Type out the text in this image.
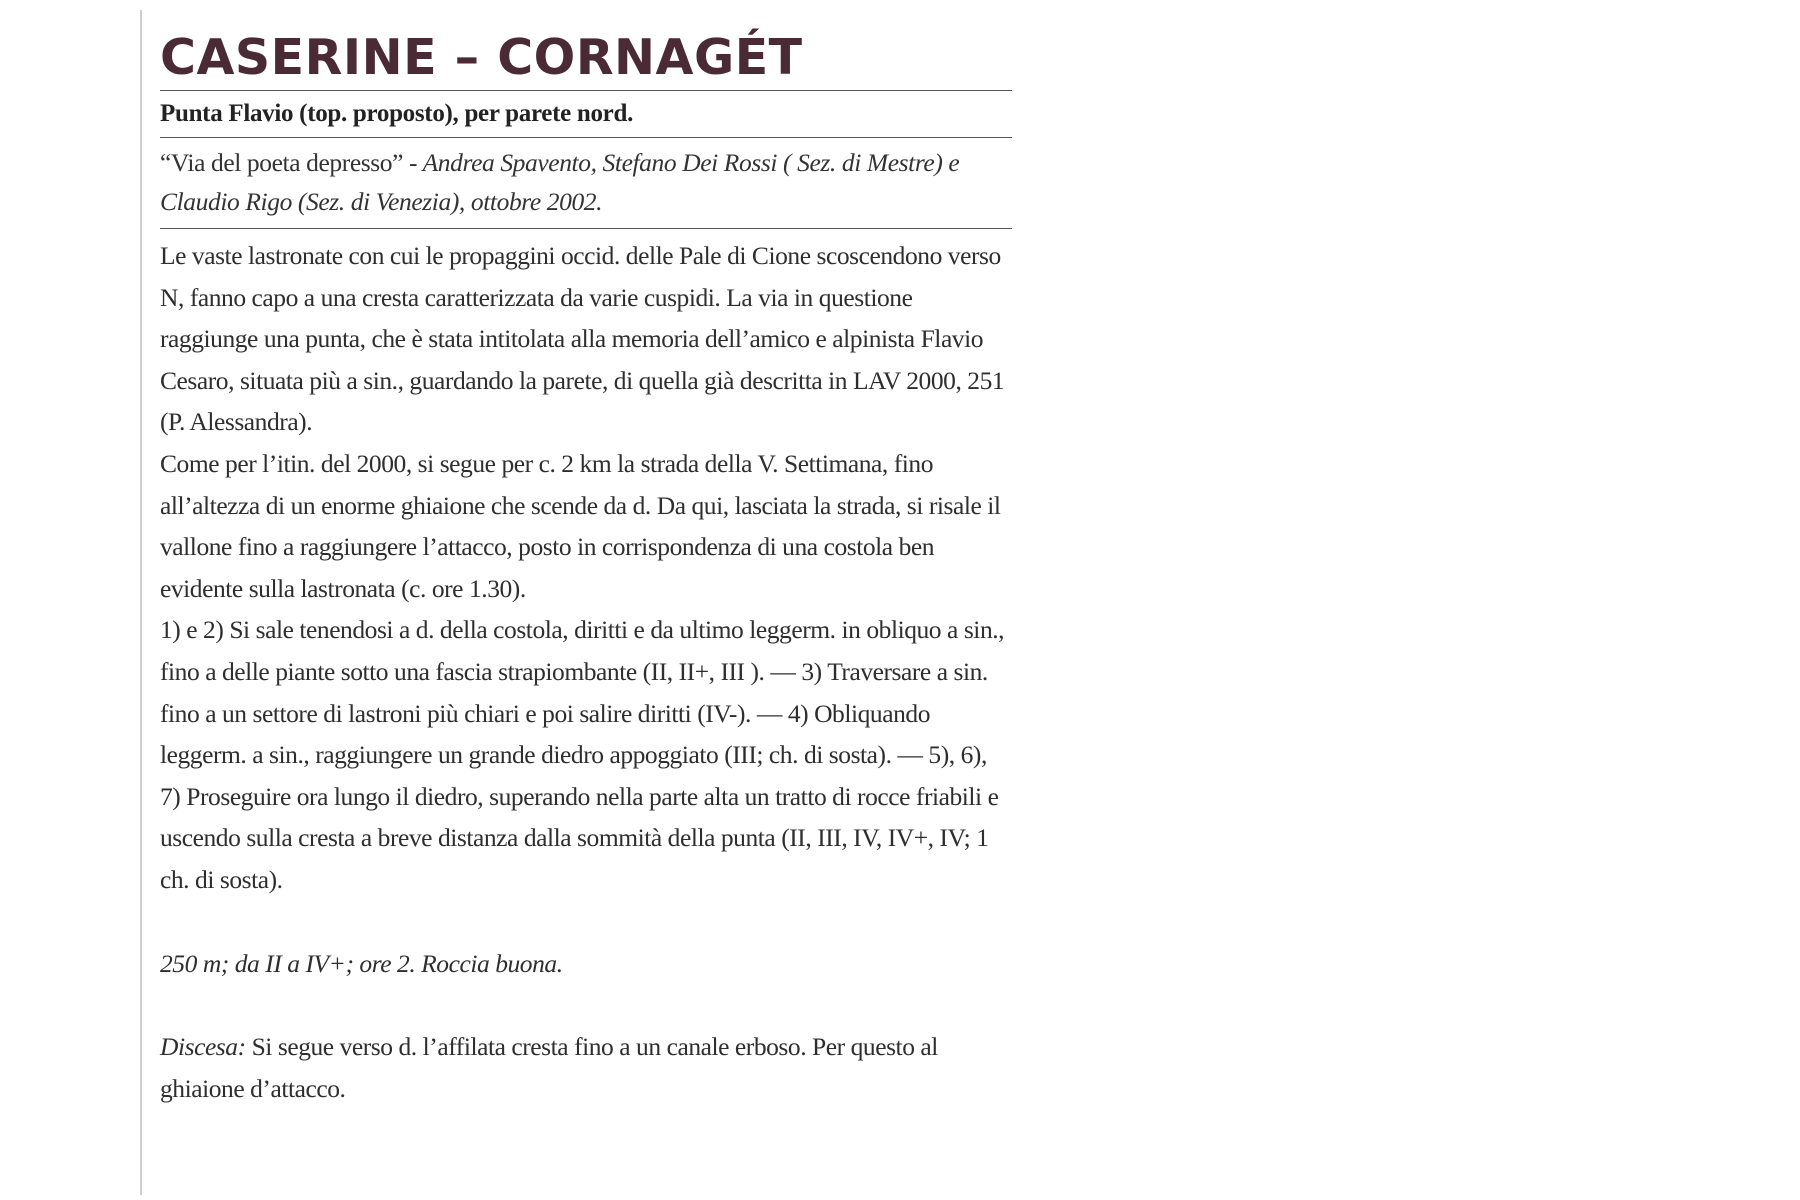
CASERINE – CORNAGÉT
Punta Flavio (top. proposto), per parete nord.
“Via del poeta depresso” - Andrea Spavento, Stefano Dei Rossi ( Sez. di Mestre) e Claudio Rigo (Sez. di Venezia), ottobre 2002.

Le vaste lastronate con cui le propaggini occid. delle Pale di Cione scoscendono verso N, fanno capo a una cresta caratterizzata da varie cuspidi. La via in questione raggiunge una punta, che è stata intitolata alla memoria dell’amico e alpinista Flavio Cesaro, situata più a sin., guardando la parete, di quella già descritta in LAV 2000, 251 (P. Alessandra).

Come per l’itin. del 2000, si segue per c. 2 km la strada della V. Settimana, fino all’altezza di un enorme ghiaione che scende da d. Da qui, lasciata la strada, si risale il vallone fino a raggiungere l’attacco, posto in corrispondenza di una costola ben evidente sulla lastronata (c. ore 1.30).

1) e 2) Si sale tenendosi a d. della costola, diritti e da ultimo leggerm. in obliquo a sin., fino a delle piante sotto una fascia strapiombante (II, II+, III ). — 3) Traversare a sin. fino a un settore di lastroni più chiari e poi salire diritti (IV-). — 4) Obliquando leggerm. a sin., raggiungere un grande diedro appoggiato (III; ch. di sosta). — 5), 6), 7) Proseguire ora lungo il diedro, superando nella parte alta un tratto di rocce friabili e uscendo sulla cresta a breve distanza dalla sommità della punta (II, III, IV, IV+, IV; 1 ch. di sosta).

250 m; da II a IV+; ore 2. Roccia buona.

Discesa: Si segue verso d. l’affilata cresta fino a un canale erboso. Per questo al ghiaione d’attacco.
